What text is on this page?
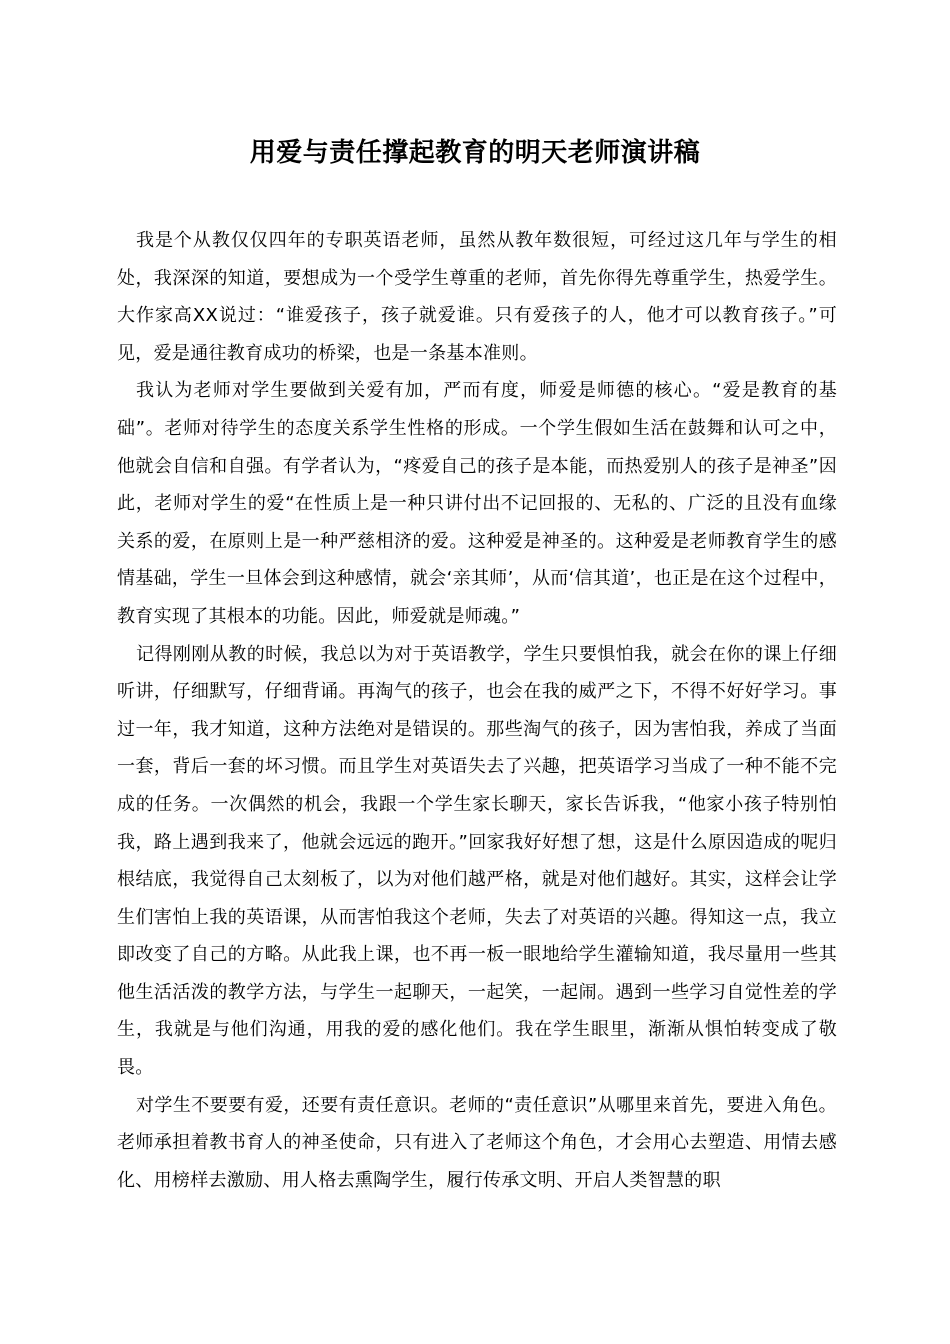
用爱与责任撑起教育的明天老师演讲稿

我是个从教仅仅四年的专职英语老师，虽然从教年数很短，可经过这几年与学生的相处，我深深的知道，要想成为一个受学生尊重的老师，首先你得先尊重学生，热爱学生。大作家高XX说过：“谁爱孩子，孩子就爱谁。只有爱孩子的人，他才可以教育孩子。”可见，爱是通往教育成功的桥梁，也是一条基本准则。

我认为老师对学生要做到关爱有加，严而有度，师爱是师德的核心。“爱是教育的基础”。老师对待学生的态度关系学生性格的形成。一个学生假如生活在鼓舞和认可之中，他就会自信和自强。有学者认为，“疼爱自己的孩子是本能，而热爱别人的孩子是神圣”因此，老师对学生的爱“在性质上是一种只讲付出不记回报的、无私的、广泛的且没有血缘关系的爱，在原则上是一种严慈相济的爱。这种爱是神圣的。这种爱是老师教育学生的感情基础，学生一旦体会到这种感情，就会‘亲其师’，从而‘信其道’，也正是在这个过程中，教育实现了其根本的功能。因此，师爱就是师魂。”

记得刚刚从教的时候，我总以为对于英语教学，学生只要惧怕我，就会在你的课上仔细听讲，仔细默写，仔细背诵。再淘气的孩子，也会在我的威严之下，不得不好好学习。事过一年，我才知道，这种方法绝对是错误的。那些淘气的孩子，因为害怕我，养成了当面一套，背后一套的坏习惯。而且学生对英语失去了兴趣，把英语学习当成了一种不能不完成的任务。一次偶然的机会，我跟一个学生家长聊天，家长告诉我，“他家小孩子特别怕我，路上遇到我来了，他就会远远的跑开。”回家我好好想了想，这是什么原因造成的呢归根结底，我觉得自己太刻板了，以为对他们越严格，就是对他们越好。其实，这样会让学生们害怕上我的英语课，从而害怕我这个老师，失去了对英语的兴趣。得知这一点，我立即改变了自己的方略。从此我上课，也不再一板一眼地给学生灌输知道，我尽量用一些其他生活活泼的教学方法，与学生一起聊天，一起笑，一起闹。遇到一些学习自觉性差的学生，我就是与他们沟通，用我的爱的感化他们。我在学生眼里，渐渐从惧怕转变成了敬畏。

对学生不要要有爱，还要有责任意识。老师的“责任意识”从哪里来首先，要进入角色。老师承担着教书育人的神圣使命，只有进入了老师这个角色，才会用心去塑造、用情去感化、用榜样去激励、用人格去熏陶学生，履行传承文明、开启人类智慧的职
